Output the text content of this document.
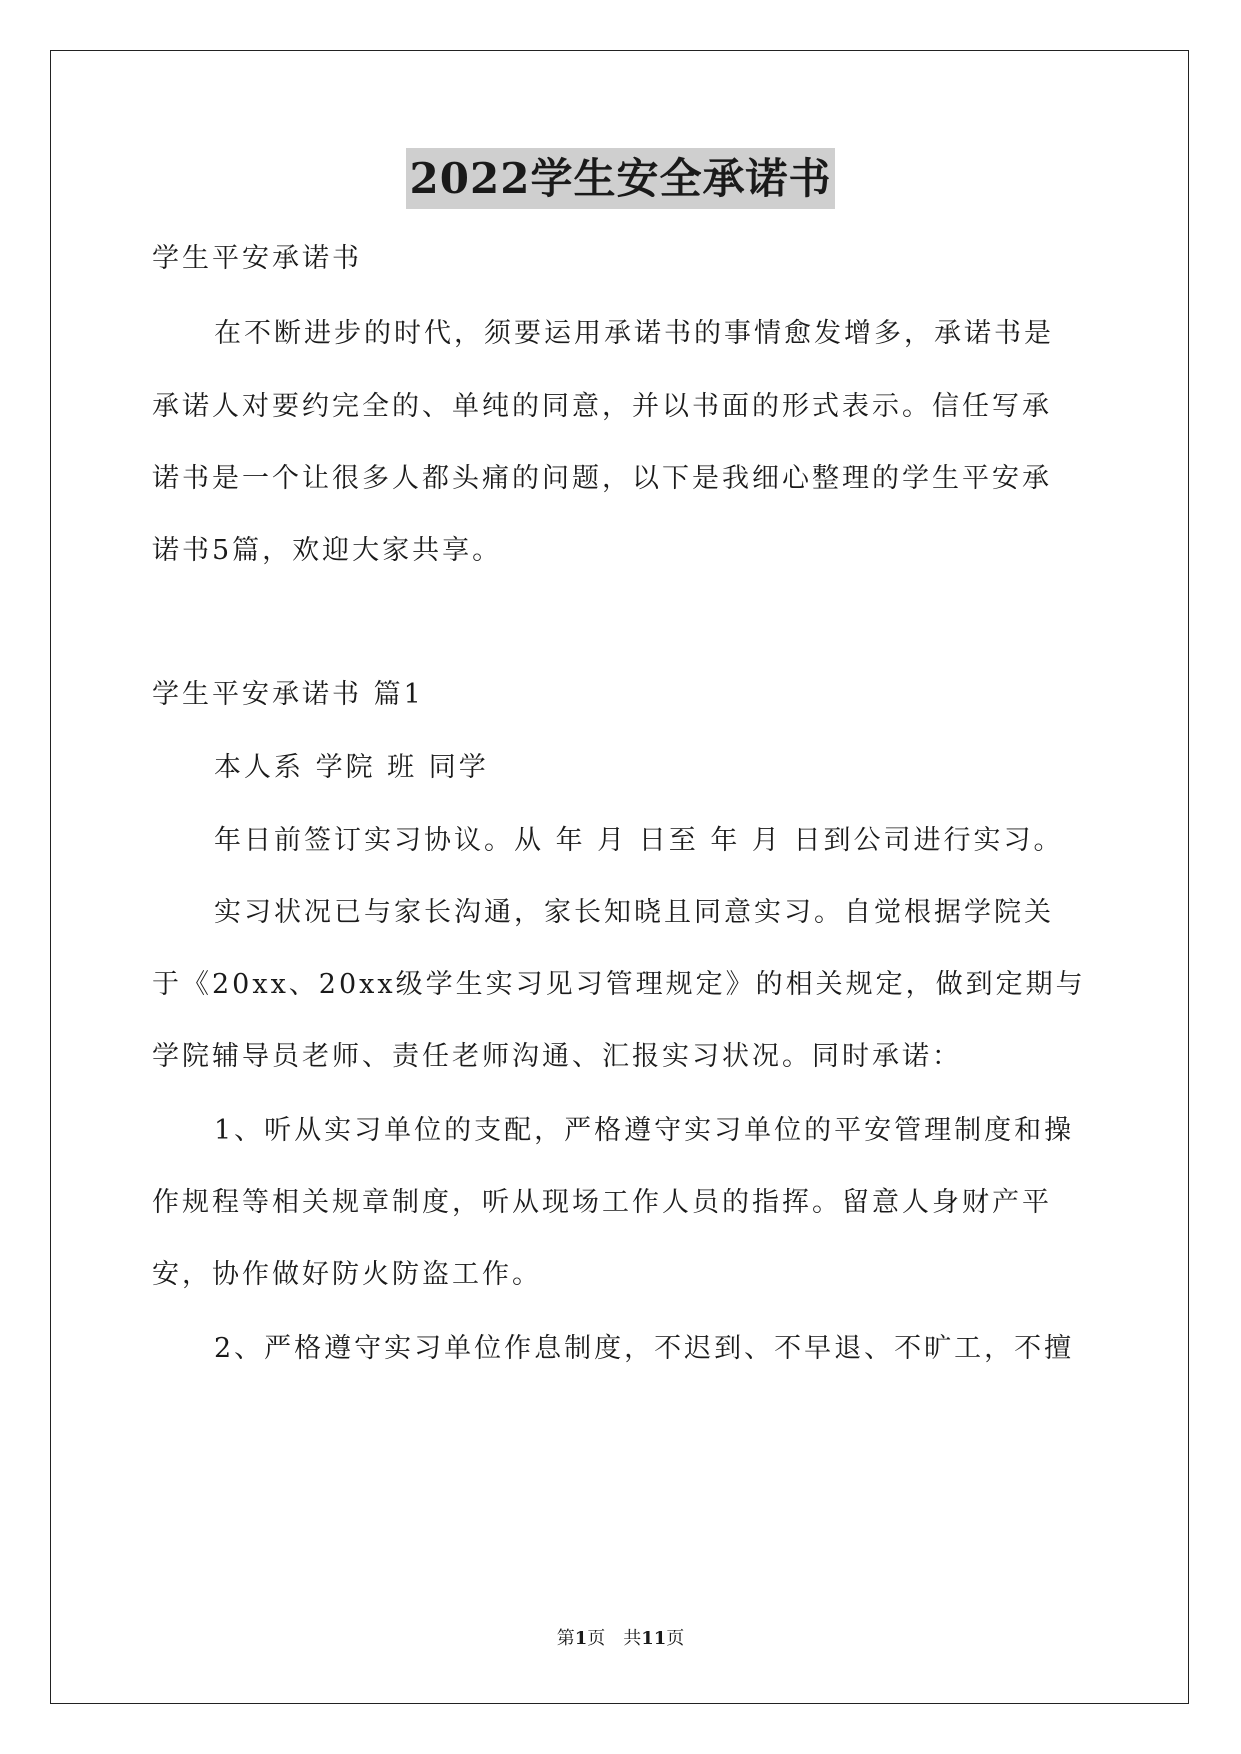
2022学生安全承诺书
学生平安承诺书
在不断进步的时代，须要运用承诺书的事情愈发增多，承诺书是
承诺人对要约完全的、单纯的同意，并以书面的形式表示。信任写承
诺书是一个让很多人都头痛的问题，以下是我细心整理的学生平安承
诺书5篇，欢迎大家共享。
学生平安承诺书 篇1
本人系 学院 班 同学
年日前签订实习协议。从 年 月 日至 年 月 日到公司进行实习。
实习状况已与家长沟通，家长知晓且同意实习。自觉根据学院关
于《20xx、20xx级学生实习见习管理规定》的相关规定，做到定期与
学院辅导员老师、责任老师沟通、汇报实习状况。同时承诺：
1、听从实习单位的支配，严格遵守实习单位的平安管理制度和操
作规程等相关规章制度，听从现场工作人员的指挥。留意人身财产平
安，协作做好防火防盗工作。
2、严格遵守实习单位作息制度，不迟到、不早退、不旷工，不擅
第1页　共11页
